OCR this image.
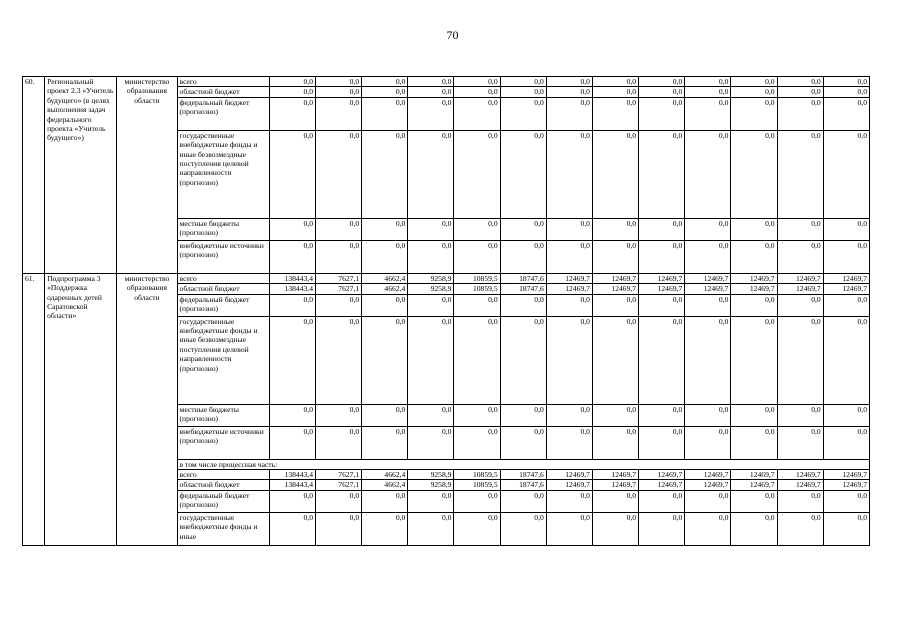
70
60.	Региональный проект 2.3 «Учитель будущего» (в целях выполнения задач федерального проекта «Учитель будущего»)	министерство образования области	всего	0,0	0,0	0,0	0,0	0,0	0,0	0,0	0,0	0,0	0,0	0,0	0,0	0,0
			областной бюджет	0,0	0,0	0,0	0,0	0,0	0,0	0,0	0,0	0,0	0,0	0,0	0,0	0,0
			федеральный бюджет (прогнозно)	0,0	0,0	0,0	0,0	0,0	0,0	0,0	0,0	0,0	0,0	0,0	0,0	0,0
			государственные внебюджетные фонды и иные безвозмездные поступления целевой направленности (прогнозно)	0,0	0,0	0,0	0,0	0,0	0,0	0,0	0,0	0,0	0,0	0,0	0,0	0,0
			местные бюджеты (прогнозно)	0,0	0,0	0,0	0,0	0,0	0,0	0,0	0,0	0,0	0,0	0,0	0,0	0,0
			внебюджетные источники (прогнозно)	0,0	0,0	0,0	0,0	0,0	0,0	0,0	0,0	0,0	0,0	0,0	0,0	0,0
61.	Подпрограмма 3 «Поддержка одаренных детей Саратовской области»	министерство образования области	всего	138443,4	7627,1	4662,4	9258,9	10859,5	18747,6	12469,7	12469,7	12469,7	12469,7	12469,7	12469,7	12469,7
			областной бюджет	138443,4	7627,1	4662,4	9258,9	10859,5	18747,6	12469,7	12469,7	12469,7	12469,7	12469,7	12469,7	12469,7
			федеральный бюджет (прогнозно)	0,0	0,0	0,0	0,0	0,0	0,0	0,0	0,0	0,0	0,0	0,0	0,0	0,0
			государственные внебюджетные фонды и иные безвозмездные поступления целевой направленности (прогнозно)	0,0	0,0	0,0	0,0	0,0	0,0	0,0	0,0	0,0	0,0	0,0	0,0	0,0
			местные бюджеты (прогнозно)	0,0	0,0	0,0	0,0	0,0	0,0	0,0	0,0	0,0	0,0	0,0	0,0	0,0
			внебюджетные источники (прогнозно)	0,0	0,0	0,0	0,0	0,0	0,0	0,0	0,0	0,0	0,0	0,0	0,0	0,0
			в том числе процессная часть:													
			всего	138443,4	7627,1	4662,4	9258,9	10859,5	18747,6	12469,7	12469,7	12469,7	12469,7	12469,7	12469,7	12469,7
			областной бюджет	138443,4	7627,1	4662,4	9258,9	10859,5	18747,6	12469,7	12469,7	12469,7	12469,7	12469,7	12469,7	12469,7
			федеральный бюджет (прогнозно)	0,0	0,0	0,0	0,0	0,0	0,0	0,0	0,0	0,0	0,0	0,0	0,0	0,0
			государственные внебюджетные фонды и иные	0,0	0,0	0,0	0,0	0,0	0,0	0,0	0,0	0,0	0,0	0,0	0,0	0,0
